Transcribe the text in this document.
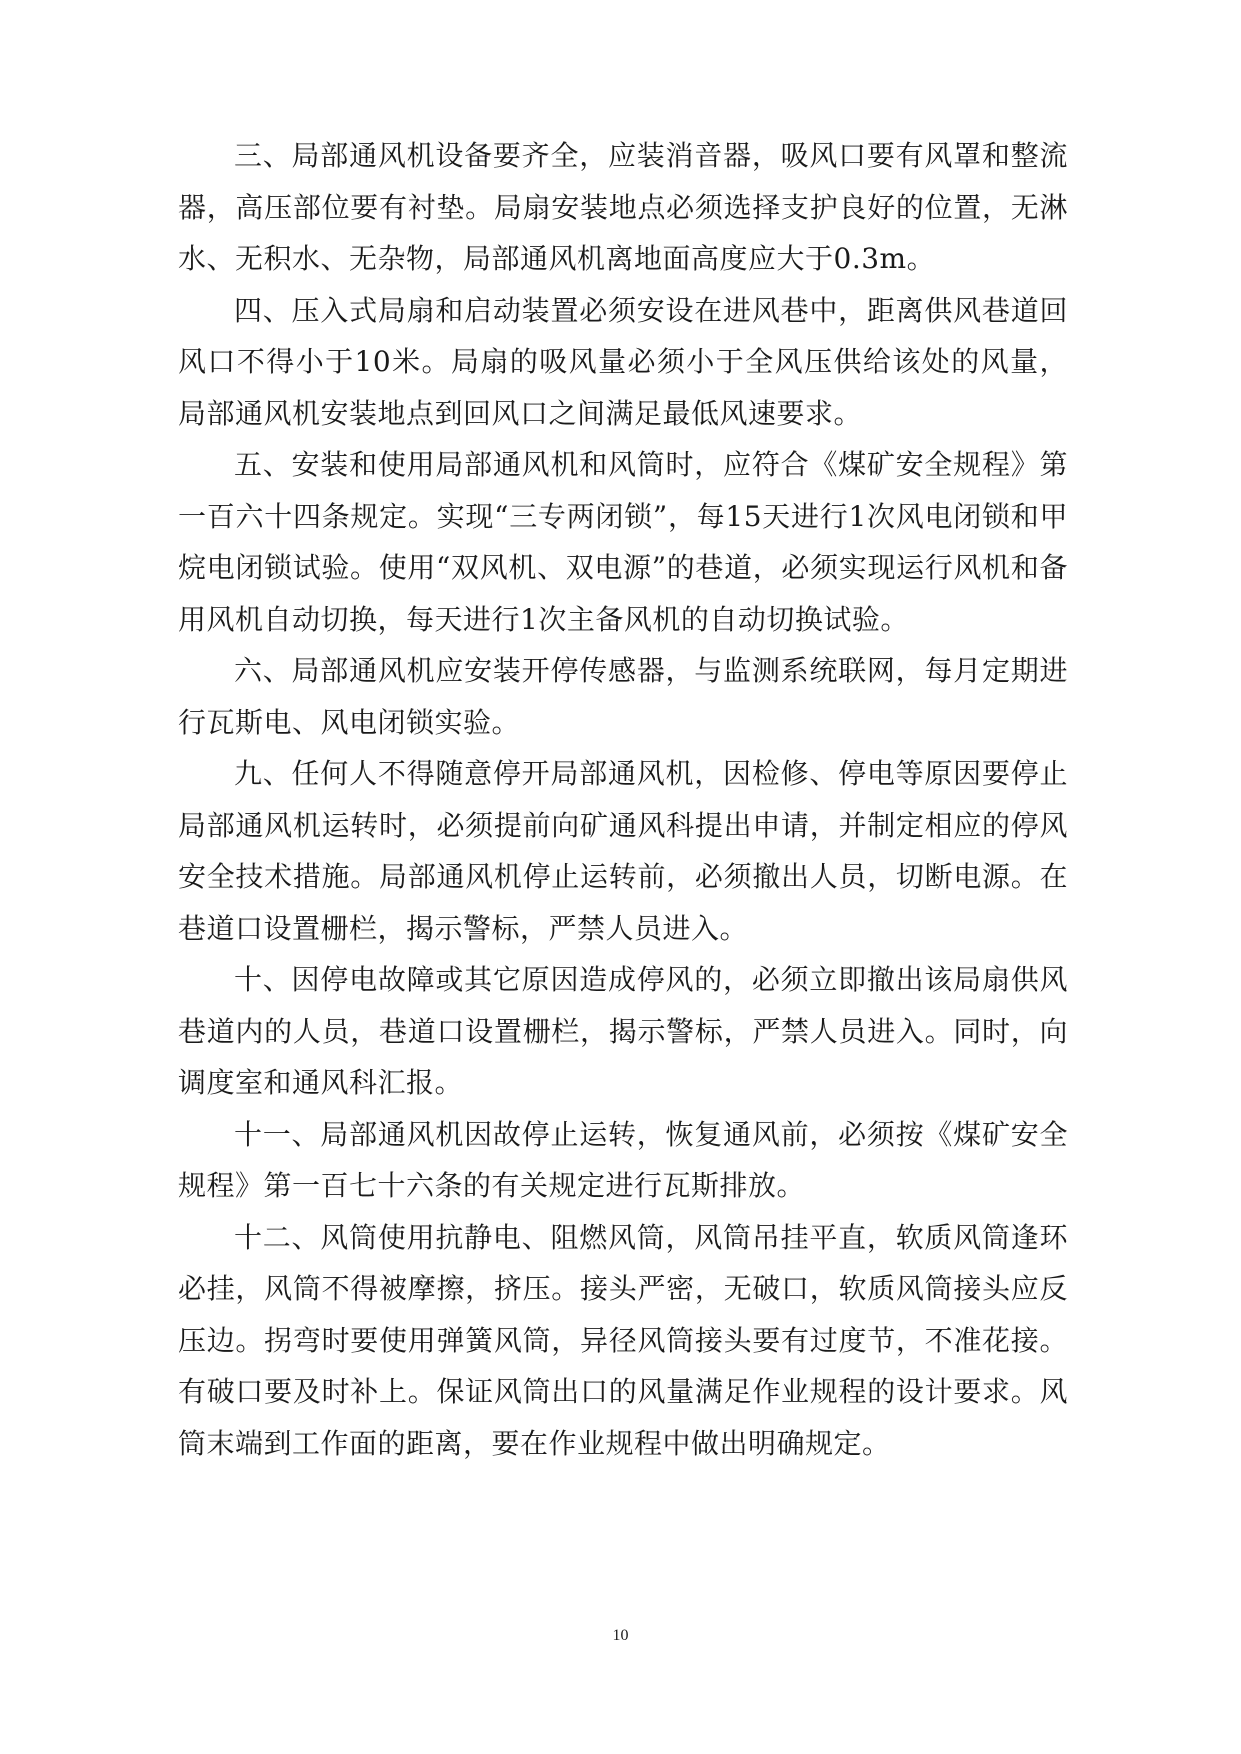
三、局部通风机设备要齐全，应装消音器，吸风口要有风罩和整流器，高压部位要有衬垫。局扇安装地点必须选择支护良好的位置，无淋水、无积水、无杂物，局部通风机离地面高度应大于0.3m。

四、压入式局扇和启动装置必须安设在进风巷中，距离供风巷道回风口不得小于10米。局扇的吸风量必须小于全风压供给该处的风量，局部通风机安装地点到回风口之间满足最低风速要求。

五、安装和使用局部通风机和风筒时，应符合《煤矿安全规程》第一百六十四条规定。实现“三专两闭锁”，每15天进行1次风电闭锁和甲烷电闭锁试验。使用“双风机、双电源”的巷道，必须实现运行风机和备用风机自动切换，每天进行1次主备风机的自动切换试验。

六、局部通风机应安装开停传感器，与监测系统联网，每月定期进行瓦斯电、风电闭锁实验。

九、任何人不得随意停开局部通风机，因检修、停电等原因要停止局部通风机运转时，必须提前向矿通风科提出申请，并制定相应的停风安全技术措施。局部通风机停止运转前，必须撤出人员，切断电源。在巷道口设置栅栏，揭示警标，严禁人员进入。

十、因停电故障或其它原因造成停风的，必须立即撤出该局扇供风巷道内的人员，巷道口设置栅栏，揭示警标，严禁人员进入。同时，向调度室和通风科汇报。

十一、局部通风机因故停止运转，恢复通风前，必须按《煤矿安全规程》第一百七十六条的有关规定进行瓦斯排放。

十二、风筒使用抗静电、阻燃风筒，风筒吊挂平直，软质风筒逢环必挂，风筒不得被摩擦，挤压。接头严密，无破口，软质风筒接头应反压边。拐弯时要使用弹簧风筒，异径风筒接头要有过度节，不准花接。有破口要及时补上。保证风筒出口的风量满足作业规程的设计要求。风筒末端到工作面的距离，要在作业规程中做出明确规定。

10
